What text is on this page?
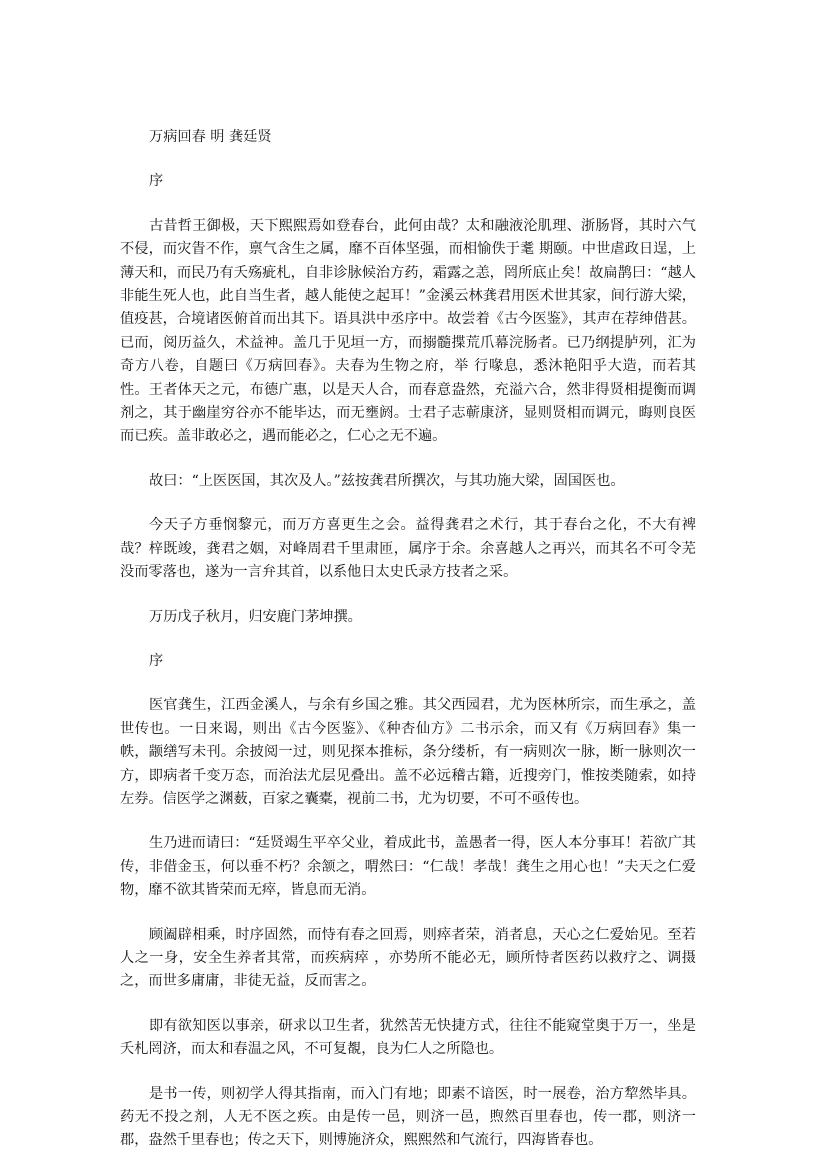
万病回春 明 龚廷贤

序

古昔哲王御极，天下熙熙焉如登春台，此何由哉？太和融液沦肌理、浙肠肾，其时六气不侵，而灾眚不作，禀气含生之属，靡不百体坚强，而相愉佚于耄 期颐。中世虐政日逞，上薄天和，而民乃有夭殇疵札，自非诊脉候治方药，霜露之恙，罔所底止矣！故扁鹊曰：“越人非能生死人也，此自当生者，越人能使之起耳！”金溪云林龚君用医术世其家，间行游大梁，值疫甚，合境诸医俯首而出其下。语具洪中丞序中。故尝着《古今医鉴》，其声在荐绅借甚。已而，阅历益久，术益神。盖几于见垣一方，而搦髓揲荒爪幕浣肠者。已乃纲提胪列，汇为奇方八卷，自题曰《万病回春》。夫春为生物之府，举 行喙息，悉沐艳阳乎大造，而若其性。王者体天之元，布德广惠，以是天人合，而春意盎然，充溢六合，然非得贤相提衡而调剂之，其于幽崖穷谷亦不能毕达，而无壅阏。士君子志蕲康济，显则贤相而调元，晦则良医而已疾。盖非敢必之，遇而能必之，仁心之无不遍。

故曰：“上医医国，其次及人。”兹按龚君所撰次，与其功施大梁，固国医也。

今天子方垂悯黎元，而万方喜更生之会。益得龚君之术行，其于春台之化，不大有裨哉？梓既竣，龚君之姻，对峰周君千里肃匝，属序于余。余喜越人之再兴，而其名不可令芜没而零落也，遂为一言弁其首，以系他日太史氏录方技者之采。

万历戊子秋月，归安鹿门茅坤撰。

序

医官龚生，江西金溪人，与余有乡国之雅。其父西园君，尤为医林所宗，而生承之，盖世传也。一日来谒，则出《古今医鉴》、《种杏仙方》二书示余，而又有《万病回春》集一帙，颛缮写未刊。余披阅一过，则见探本推标，条分缕析，有一病则次一脉，断一脉则次一方，即病者千变万态，而治法尤层见叠出。盖不必远稽古籍，近搜旁门，惟按类随索，如持左券。信医学之渊薮，百家之囊橐，视前二书，尤为切要，不可不亟传也。

生乃进而请曰：“廷贤竭生平卒父业，着成此书，盖愚者一得，医人本分事耳！若欲广其传，非借金玉，何以垂不朽？余颔之，喟然曰：“仁哉！孝哉！龚生之用心也！”夫天之仁爱物，靡不欲其皆荣而无瘁，皆息而无消。

顾阖辟相乘，时序固然，而恃有春之回焉，则瘁者荣，消者息，天心之仁爱始见。至若人之一身，安全生养者其常，而疾病瘁 ，亦势所不能必无，顾所恃者医药以救疗之、调摄之，而世多庸庸，非徒无益，反而害之。

即有欲知医以事亲，研求以卫生者，犹然苦无快捷方式，往往不能窥堂奥于万一，坐是夭札罔济，而太和春温之风，不可复覩，良为仁人之所隐也。

是书一传，则初学人得其指南，而入门有地；即素不谙医，时一展卷，治方犂然毕具。药无不投之剂，人无不医之疾。由是传一邑，则济一邑，煦然百里春也，传一郡，则济一郡，盎然千里春也；传之天下，则博施济众，熙熙然和气流行，四海皆春也。
